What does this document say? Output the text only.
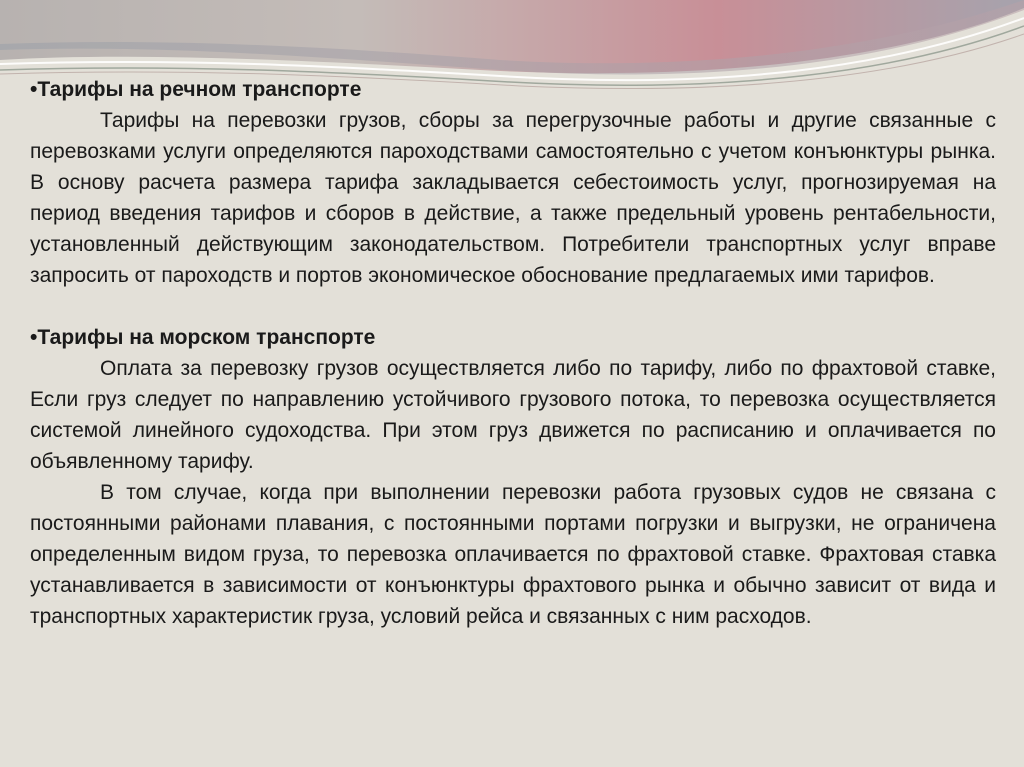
•Тарифы на речном транспорте

Тарифы на перевозки грузов, сборы за перегрузочные работы и другие связанные с перевозками услуги определяются пароходствами самостоятельно с учетом конъюнктуры рынка. В основу расчета размера тарифа закладывается себестоимость услуг, прогнозируемая на период введения тарифов и сборов в действие, а также предельный уровень рентабельности, установленный действующим законодательством. Потребители транспортных услуг вправе запросить от пароходств и портов экономическое обоснование предлагаемых ими тарифов.

•Тарифы на морском транспорте

Оплата за перевозку грузов осуществляется либо по тарифу, либо по фрахтовой ставке, Если груз следует по направлению устойчивого грузового потока, то перевозка осуществляется системой линейного судоходства. При этом груз движется по расписанию и оплачивается по объявленному тарифу.

В том случае, когда при выполнении перевозки работа грузовых судов не связана с постоянными районами плавания, с постоянными портами погрузки и выгрузки, не ограничена определенным видом груза, то перевозка оплачивается по фрахтовой ставке. Фрахтовая ставка устанавливается в зависимости от конъюнктуры фрахтового рынка и обычно зависит от вида и транспортных характеристик груза, условий рейса и связанных с ним расходов.
